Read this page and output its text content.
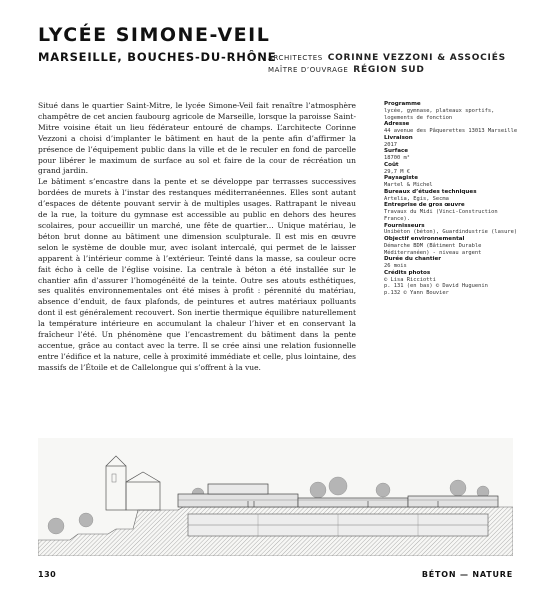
LYCÉE SIMONE-VEIL
MARSEILLE, BOUCHES-DU-RHÔNE
ARCHITECTES CORINNE VEZZONI & ASSOCIÉS
MAÎTRE D’OUVRAGE RÉGION SUD

Situé dans le quartier Saint-Mitre, le lycée Simone-Veil fait renaître l’atmosphère champêtre de cet ancien faubourg agricole de Marseille, lorsque la paroisse Saint-Mitre voisine était un lieu fédérateur entouré de champs. L’architecte Corinne Vezzoni a choisi d’implanter le bâtiment en haut de la pente afin d’affirmer la présence de l’équipement public dans la ville et de le reculer en fond de parcelle pour libérer le maximum de surface au sol et faire de la cour de récréation un grand jardin.

Le bâtiment s’encastre dans la pente et se développe par terrasses successives bordées de murets à l’instar des restanques méditerranéennes. Elles sont autant d’espaces de détente pouvant servir à de multiples usages. Rattrapant le niveau de la rue, la toiture du gymnase est accessible au public en dehors des heures scolaires, pour accueillir un marché, une fête de quartier… Unique matériau, le béton brut donne au bâtiment une dimension sculpturale. Il est mis en œuvre selon le système de double mur, avec isolant intercalé, qui permet de le laisser apparent à l’intérieur comme à l’extérieur. Teinté dans la masse, sa couleur ocre fait écho à celle de l’église voisine. La centrale à béton a été installée sur le chantier afin d’assurer l’homogénéité de la teinte. Outre ses atouts esthétiques, ses qualités environnementales ont été mises à profit : pérennité du matériau, absence d’enduit, de faux plafonds, de peintures et autres matériaux polluants dont il est généralement recouvert. Son inertie thermique équilibre naturellement la température intérieure en accumulant la chaleur l’hiver et en conservant la fraîcheur l’été. Un phénomène que l’encastrement du bâtiment dans la pente accentue, grâce au contact avec la terre. Il se crée ainsi une relation fusionnelle entre l’édifice et la nature, celle à proximité immédiate et celle, plus lointaine, des massifs de l’Étoile et de Callelongue qui s’offrent à la vue.

Programme
lycée, gymnase, plateaux sportifs, logements de fonction
Adresse
44 avenue des Pâquerettes 13013 Marseille
Livraison
2017
Surface
18700 m²
Coût
29,7 M €
Paysagiste
Martel & Michel
Bureaux d’études techniques
Artelia, Egis, Secma
Entreprise de gros œuvre
Travaux du Midi (Vinci-Construction France).
Fournisseurs
Unibéton (béton), Guardindustrie (lasure)
Objectif environnemental
Démarche BDM (Bâtiment Durable Méditerranéen) - niveau argent
Durée du chantier
26 mois
Crédits photos
© Lisa Ricciotti
p. 131 (en bas) © David Huguenin
p.132 © Yann Bouvier
130	BÉTON — NATURE
